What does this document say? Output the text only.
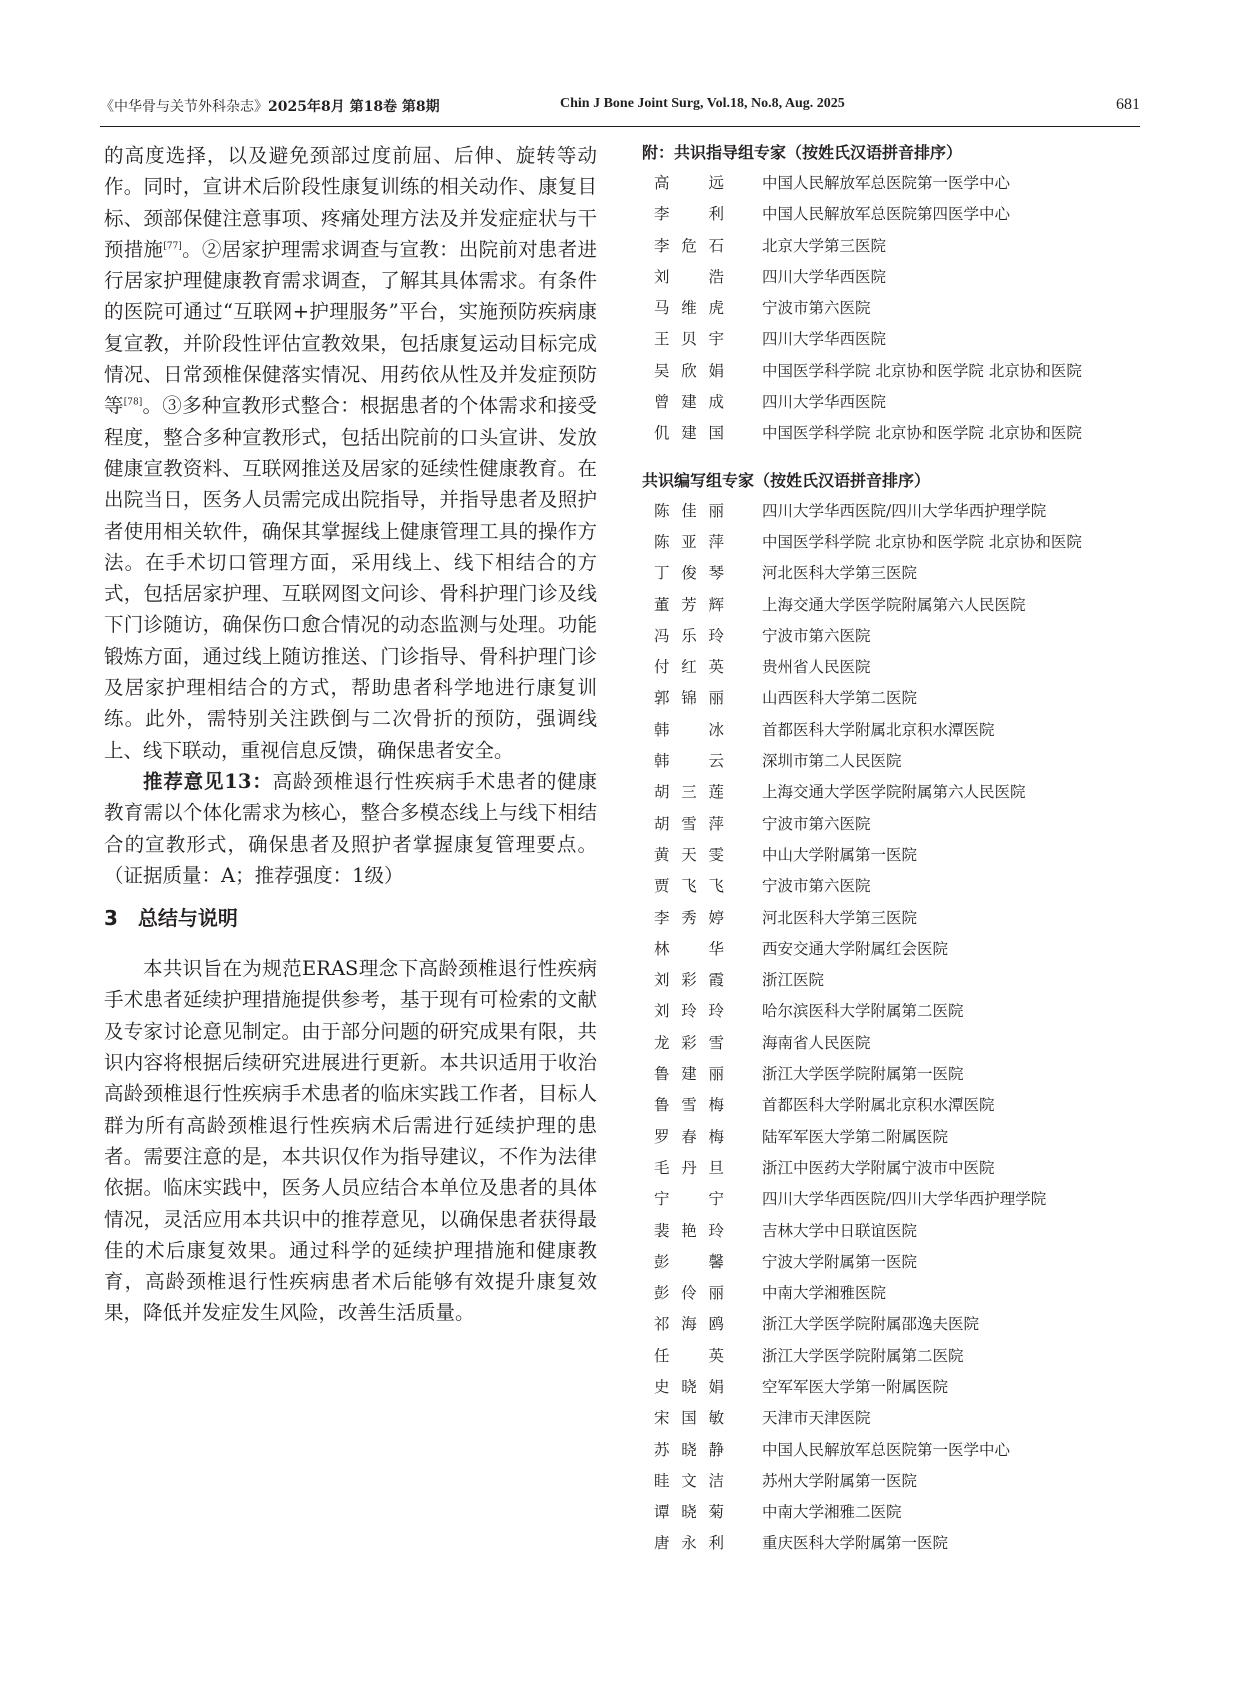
《中华骨与关节外科杂志》2025年8月 第18卷 第8期	Chin J Bone Joint Surg, Vol.18, No.8, Aug. 2025	681

的高度选择，以及避免颈部过度前屈、后伸、旋转等动作。同时，宣讲术后阶段性康复训练的相关动作、康复目标、颈部保健注意事项、疼痛处理方法及并发症症状与干预措施[77]。②居家护理需求调查与宣教：出院前对患者进行居家护理健康教育需求调查，了解其具体需求。有条件的医院可通过“互联网+护理服务”平台，实施预防疾病康复宣教，并阶段性评估宣教效果，包括康复运动目标完成情况、日常颈椎保健落实情况、用药依从性及并发症预防等[78]。③多种宣教形式整合：根据患者的个体需求和接受程度，整合多种宣教形式，包括出院前的口头宣讲、发放健康宣教资料、互联网推送及居家的延续性健康教育。在出院当日，医务人员需完成出院指导，并指导患者及照护者使用相关软件，确保其掌握线上健康管理工具的操作方法。在手术切口管理方面，采用线上、线下相结合的方式，包括居家护理、互联网图文问诊、骨科护理门诊及线下门诊随访，确保伤口愈合情况的动态监测与处理。功能锻炼方面，通过线上随访推送、门诊指导、骨科护理门诊及居家护理相结合的方式，帮助患者科学地进行康复训练。此外，需特别关注跌倒与二次骨折的预防，强调线上、线下联动，重视信息反馈，确保患者安全。

推荐意见13：高龄颈椎退行性疾病手术患者的健康教育需以个体化需求为核心，整合多模态线上与线下相结合的宣教形式，确保患者及照护者掌握康复管理要点。（证据质量：A；推荐强度：1级）

3　总结与说明

本共识旨在为规范ERAS理念下高龄颈椎退行性疾病手术患者延续护理措施提供参考，基于现有可检索的文献及专家讨论意见制定。由于部分问题的研究成果有限，共识内容将根据后续研究进展进行更新。本共识适用于收治高龄颈椎退行性疾病手术患者的临床实践工作者，目标人群为所有高龄颈椎退行性疾病术后需进行延续护理的患者。需要注意的是，本共识仅作为指导建议，不作为法律依据。临床实践中，医务人员应结合本单位及患者的具体情况，灵活应用本共识中的推荐意见，以确保患者获得最佳的术后康复效果。通过科学的延续护理措施和健康教育，高龄颈椎退行性疾病患者术后能够有效提升康复效果，降低并发症发生风险，改善生活质量。

附：共识指导组专家（按姓氏汉语拼音排序）
高　远 中国人民解放军总医院第一医学中心
李　利 中国人民解放军总医院第四医学中心
李危石 北京大学第三医院
刘　浩 四川大学华西医院
马维虎 宁波市第六医院
王贝宇 四川大学华西医院
吴欣娟 中国医学科学院 北京协和医学院 北京协和医院
曾建成 四川大学华西医院
仉建国 中国医学科学院 北京协和医学院 北京协和医院
共识编写组专家（按姓氏汉语拼音排序）
陈佳丽 四川大学华西医院/四川大学华西护理学院
陈亚萍 中国医学科学院 北京协和医学院 北京协和医院
丁俊琴 河北医科大学第三医院
董芳辉 上海交通大学医学院附属第六人民医院
冯乐玲 宁波市第六医院
付红英 贵州省人民医院
郭锦丽 山西医科大学第二医院
韩　冰 首都医科大学附属北京积水潭医院
韩　云 深圳市第二人民医院
胡三莲 上海交通大学医学院附属第六人民医院
胡雪萍 宁波市第六医院
黄天雯 中山大学附属第一医院
贾飞飞 宁波市第六医院
李秀婷 河北医科大学第三医院
林　华 西安交通大学附属红会医院
刘彩霞 浙江医院
刘玲玲 哈尔滨医科大学附属第二医院
龙彩雪 海南省人民医院
鲁建丽 浙江大学医学院附属第一医院
鲁雪梅 首都医科大学附属北京积水潭医院
罗春梅 陆军军医大学第二附属医院
毛丹旦 浙江中医药大学附属宁波市中医院
宁　宁 四川大学华西医院/四川大学华西护理学院
裴艳玲 吉林大学中日联谊医院
彭　馨 宁波大学附属第一医院
彭伶丽 中南大学湘雅医院
祁海鸥 浙江大学医学院附属邵逸夫医院
任　英 浙江大学医学院附属第二医院
史晓娟 空军军医大学第一附属医院
宋国敏 天津市天津医院
苏晓静 中国人民解放军总医院第一医学中心
眭文洁 苏州大学附属第一医院
谭晓菊 中南大学湘雅二医院
唐永利 重庆医科大学附属第一医院
